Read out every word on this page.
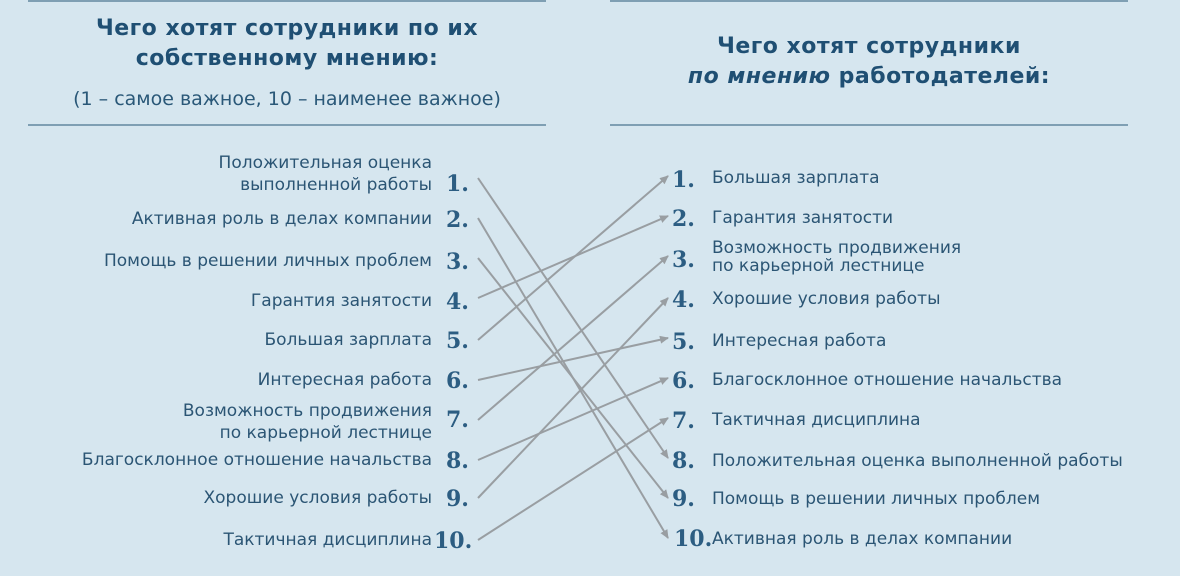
Чего хотят сотрудники по их
собственному мнению:
(1 – самое важное, 10 – наименее важное)
Чего хотят сотрудники
по мнению работодателей:
Положительная оценка
выполненной работы 1.
Активная роль в делах компании 2.
Помощь в решении личных проблем 3.
Гарантия занятости 4.
Большая зарплата 5.
Интересная работа 6.
Возможность продвижения
по карьерной лестнице 7.
Благосклонное отношение начальства 8.
Хорошие условия работы 9.
Тактичная дисциплина 10.
1. Большая зарплата
2. Гарантия занятости
3. Возможность продвижения
по карьерной лестнице
4. Хорошие условия работы
5. Интересная работа
6. Благосклонное отношение начальства
7. Тактичная дисциплина
8. Положительная оценка выполненной работы
9. Помощь в решении личных проблем
10. Активная роль в делах компании
